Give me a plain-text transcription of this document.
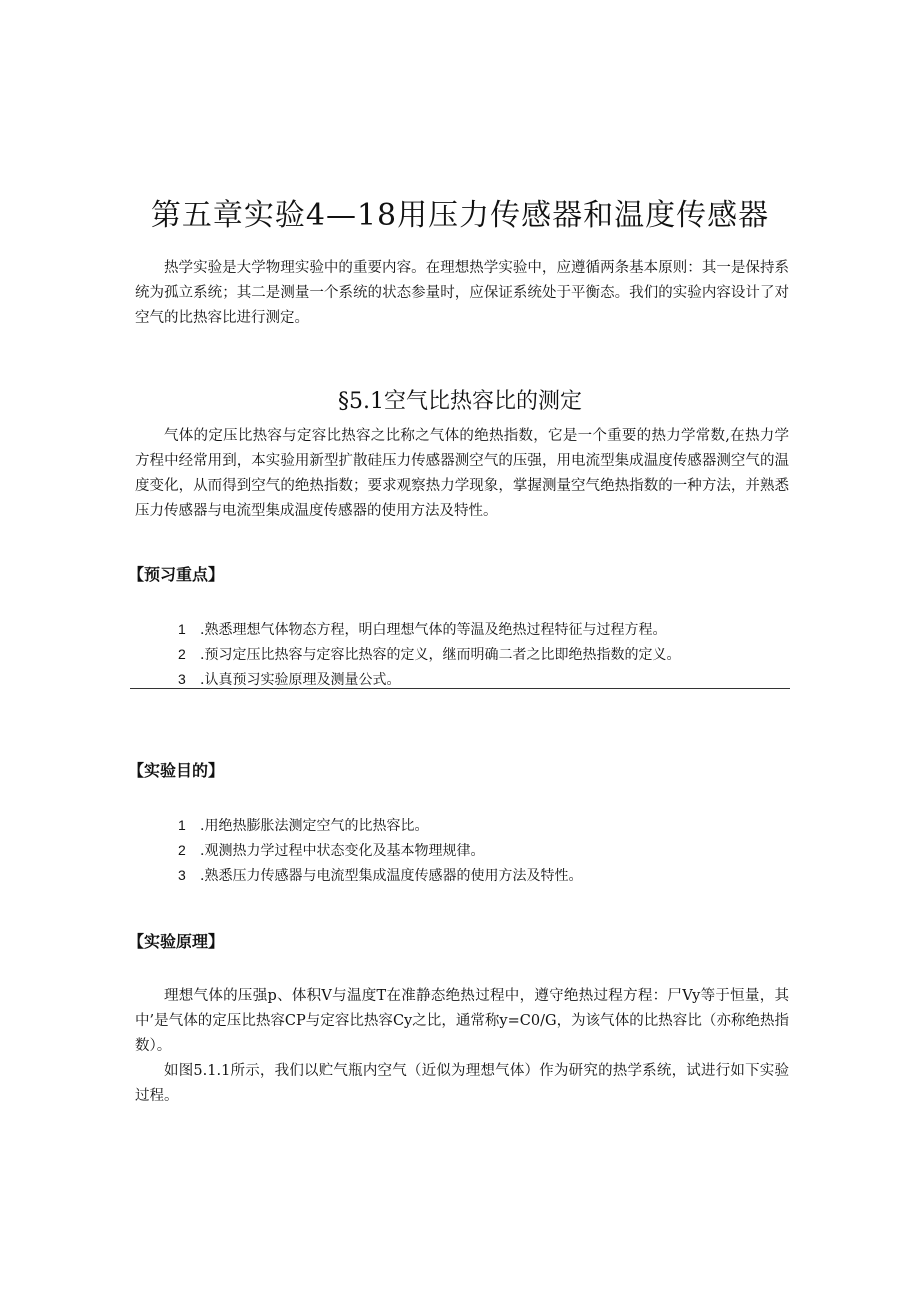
第五章实验4—18用压力传感器和温度传感器

热学实验是大学物理实验中的重要内容。在理想热学实验中，应遵循两条基本原则：其一是保持系统为孤立系统；其二是测量一个系统的状态参量时，应保证系统处于平衡态。我们的实验内容设计了对空气的比热容比进行测定。

§5.1空气比热容比的测定

气体的定压比热容与定容比热容之比称之气体的绝热指数，它是一个重要的热力学常数,在热力学方程中经常用到，本实验用新型扩散硅压力传感器测空气的压强，用电流型集成温度传感器测空气的温度变化，从而得到空气的绝热指数；要求观察热力学现象，掌握测量空气绝热指数的一种方法，并熟悉压力传感器与电流型集成温度传感器的使用方法及特性。

【预习重点】
1 .熟悉理想气体物态方程，明白理想气体的等温及绝热过程特征与过程方程。
2 .预习定压比热容与定容比热容的定义，继而明确二者之比即绝热指数的定义。
3 .认真预习实验原理及测量公式。
【实验目的】
1 .用绝热膨胀法测定空气的比热容比。
2 .观测热力学过程中状态变化及基本物理规律。
3 .熟悉压力传感器与电流型集成温度传感器的使用方法及特性。
【实验原理】

理想气体的压强p、体积V与温度T在准静态绝热过程中，遵守绝热过程方程：尸Vy等于恒量，其中’是气体的定压比热容CP与定容比热容Cy之比，通常称y=C0/G，为该气体的比热容比（亦称绝热指数）。

如图5.1.1所示，我们以贮气瓶内空气（近似为理想气体）作为研究的热学系统，试进行如下实验过程。
